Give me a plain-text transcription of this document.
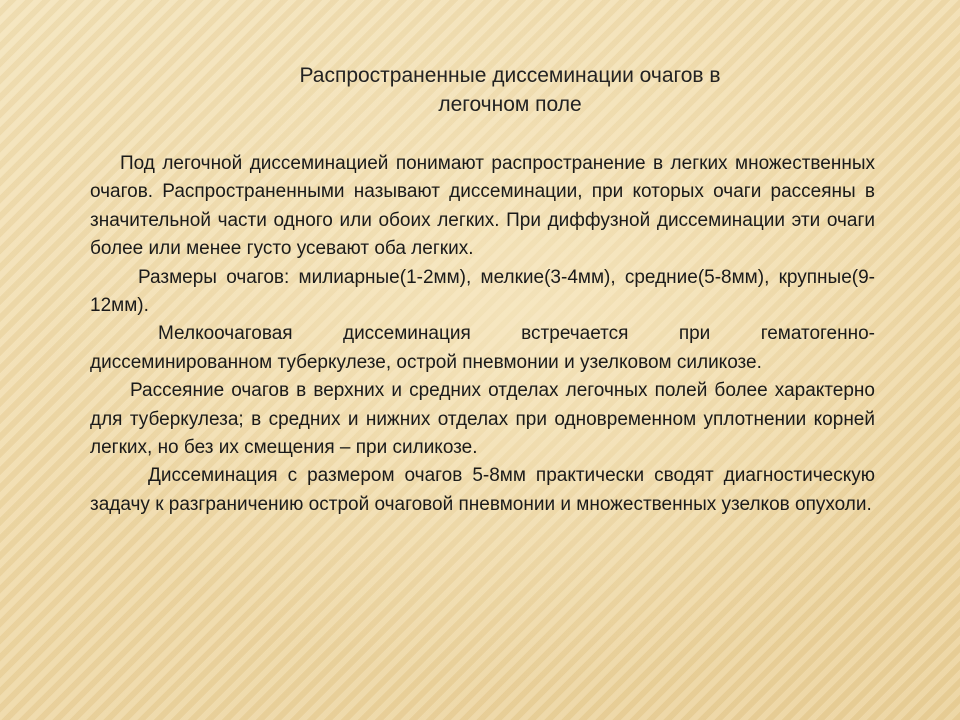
Распространенные диссеминации очагов в
легочном поле

Под легочной диссеминацией понимают распространение в легких множественных очагов. Распространенными называют диссеминации, при которых очаги рассеяны в значительной части одного или обоих легких. При диффузной диссеминации эти очаги более или менее густо усевают оба легких.

Размеры очагов: милиарные(1-2мм), мелкие(3-4мм), средние(5-8мм), крупные(9-12мм).

Мелкоочаговая диссеминация встречается при гематогенно-диссеминированном туберкулезе, острой пневмонии и узелковом силикозе.

Рассеяние очагов в верхних и средних отделах легочных полей более характерно для туберкулеза; в средних и нижних отделах при одновременном уплотнении корней легких, но без их смещения – при силикозе.

Диссеминация с размером очагов 5-8мм практически сводят диагностическую задачу к разграничению острой очаговой пневмонии и множественных узелков опухоли.
